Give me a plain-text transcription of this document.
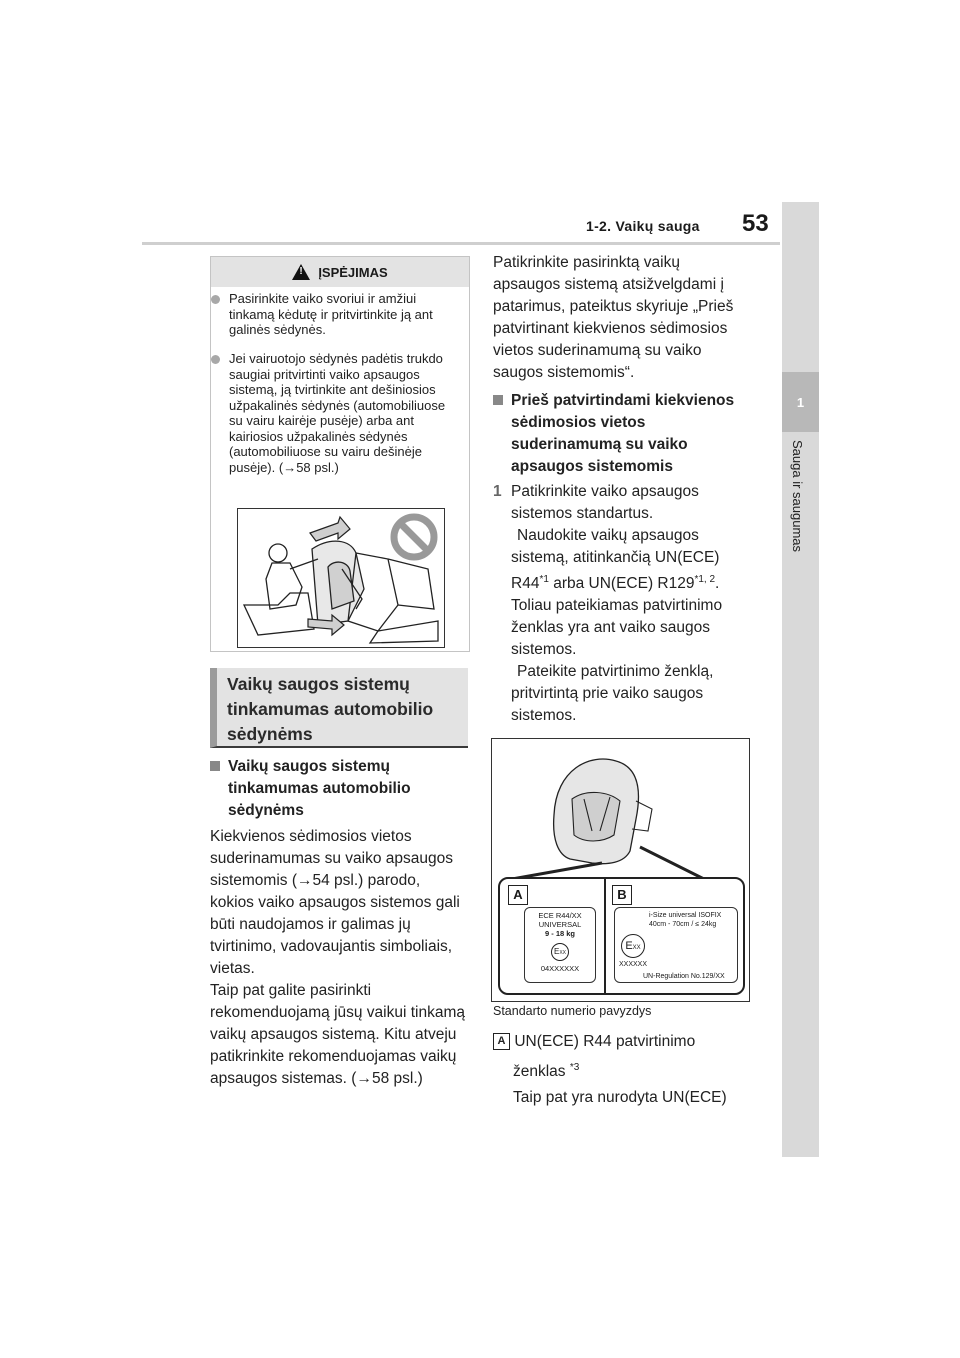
1-2. Vaikų sauga 53
1
Sauga ir saugumas
!
ĮSPĖJIMAS
Pasirinkite vaiko svoriui ir amžiui tinkamą kėdutę ir pritvirtinkite ją ant galinės sėdynės.
Jei vairuotojo sėdynės padėtis trukdo saugiai pritvirtinti vaiko apsaugos sistemą, ją tvirtinkite ant dešiniosios užpakalinės sėdynės (automobiliuose su vairu kairėje pusėje) arba ant kairiosios užpakalinės sėdynės (automobiliuose su vairu dešinėje pusėje). (→58 psl.)
Vaikų saugos sistemų tinkamumas automobilio sėdynėms
Vaikų saugos sistemų tinkamumas automobilio sėdynėms
Kiekvienos sėdimosios vietos suderinamumas su vaiko apsaugos sistemomis (→54 psl.) parodo, kokios vaiko apsaugos sistemos gali būti naudojamos ir galimas jų tvirtinimo, vadovaujantis simboliais, vietas.
Taip pat galite pasirinkti rekomenduojamą jūsų vaikui tinkamą vaikų apsaugos sistemą. Kitu atveju patikrinkite rekomenduojamas vaikų apsaugos sistemas. (→58 psl.)
Patikrinkite pasirinktą vaikų apsaugos sistemą atsižvelgdami į patarimus, pateiktus skyriuje „Prieš patvirtinant kiekvienos sėdimosios vietos suderinamumą su vaiko saugos sistemomis“.
Prieš patvirtindami kiekvienos sėdimosios vietos suderinamumą su vaiko apsaugos sistemomis
1 Patikrinkite vaiko apsaugos sistemos standartus.
Naudokite vaikų apsaugos sistemą, atitinkančią UN(ECE)
R44$^{*1}$ arba UN(ECE) R129$^{*1, 2}$.
Toliau pateikiamas patvirtinimo ženklas yra ant vaiko saugos sistemos.
Pateikite patvirtinimo ženklą, pritvirtintą prie vaiko saugos sistemos.
A	B
ECE R44/XX
UNIVERSAL
9 - 18 kg
EXX
04XXXXXX
i-Size universal ISOFIX
40cm - 70cm / ≤ 24kg
EXX
XXXXXX
UN-Regulation No.129/XX
Standarto numerio pavyzdys
A UN(ECE) R44 patvirtinimo
ženklas $^{*3}$
Taip pat yra nurodyta UN(ECE)
